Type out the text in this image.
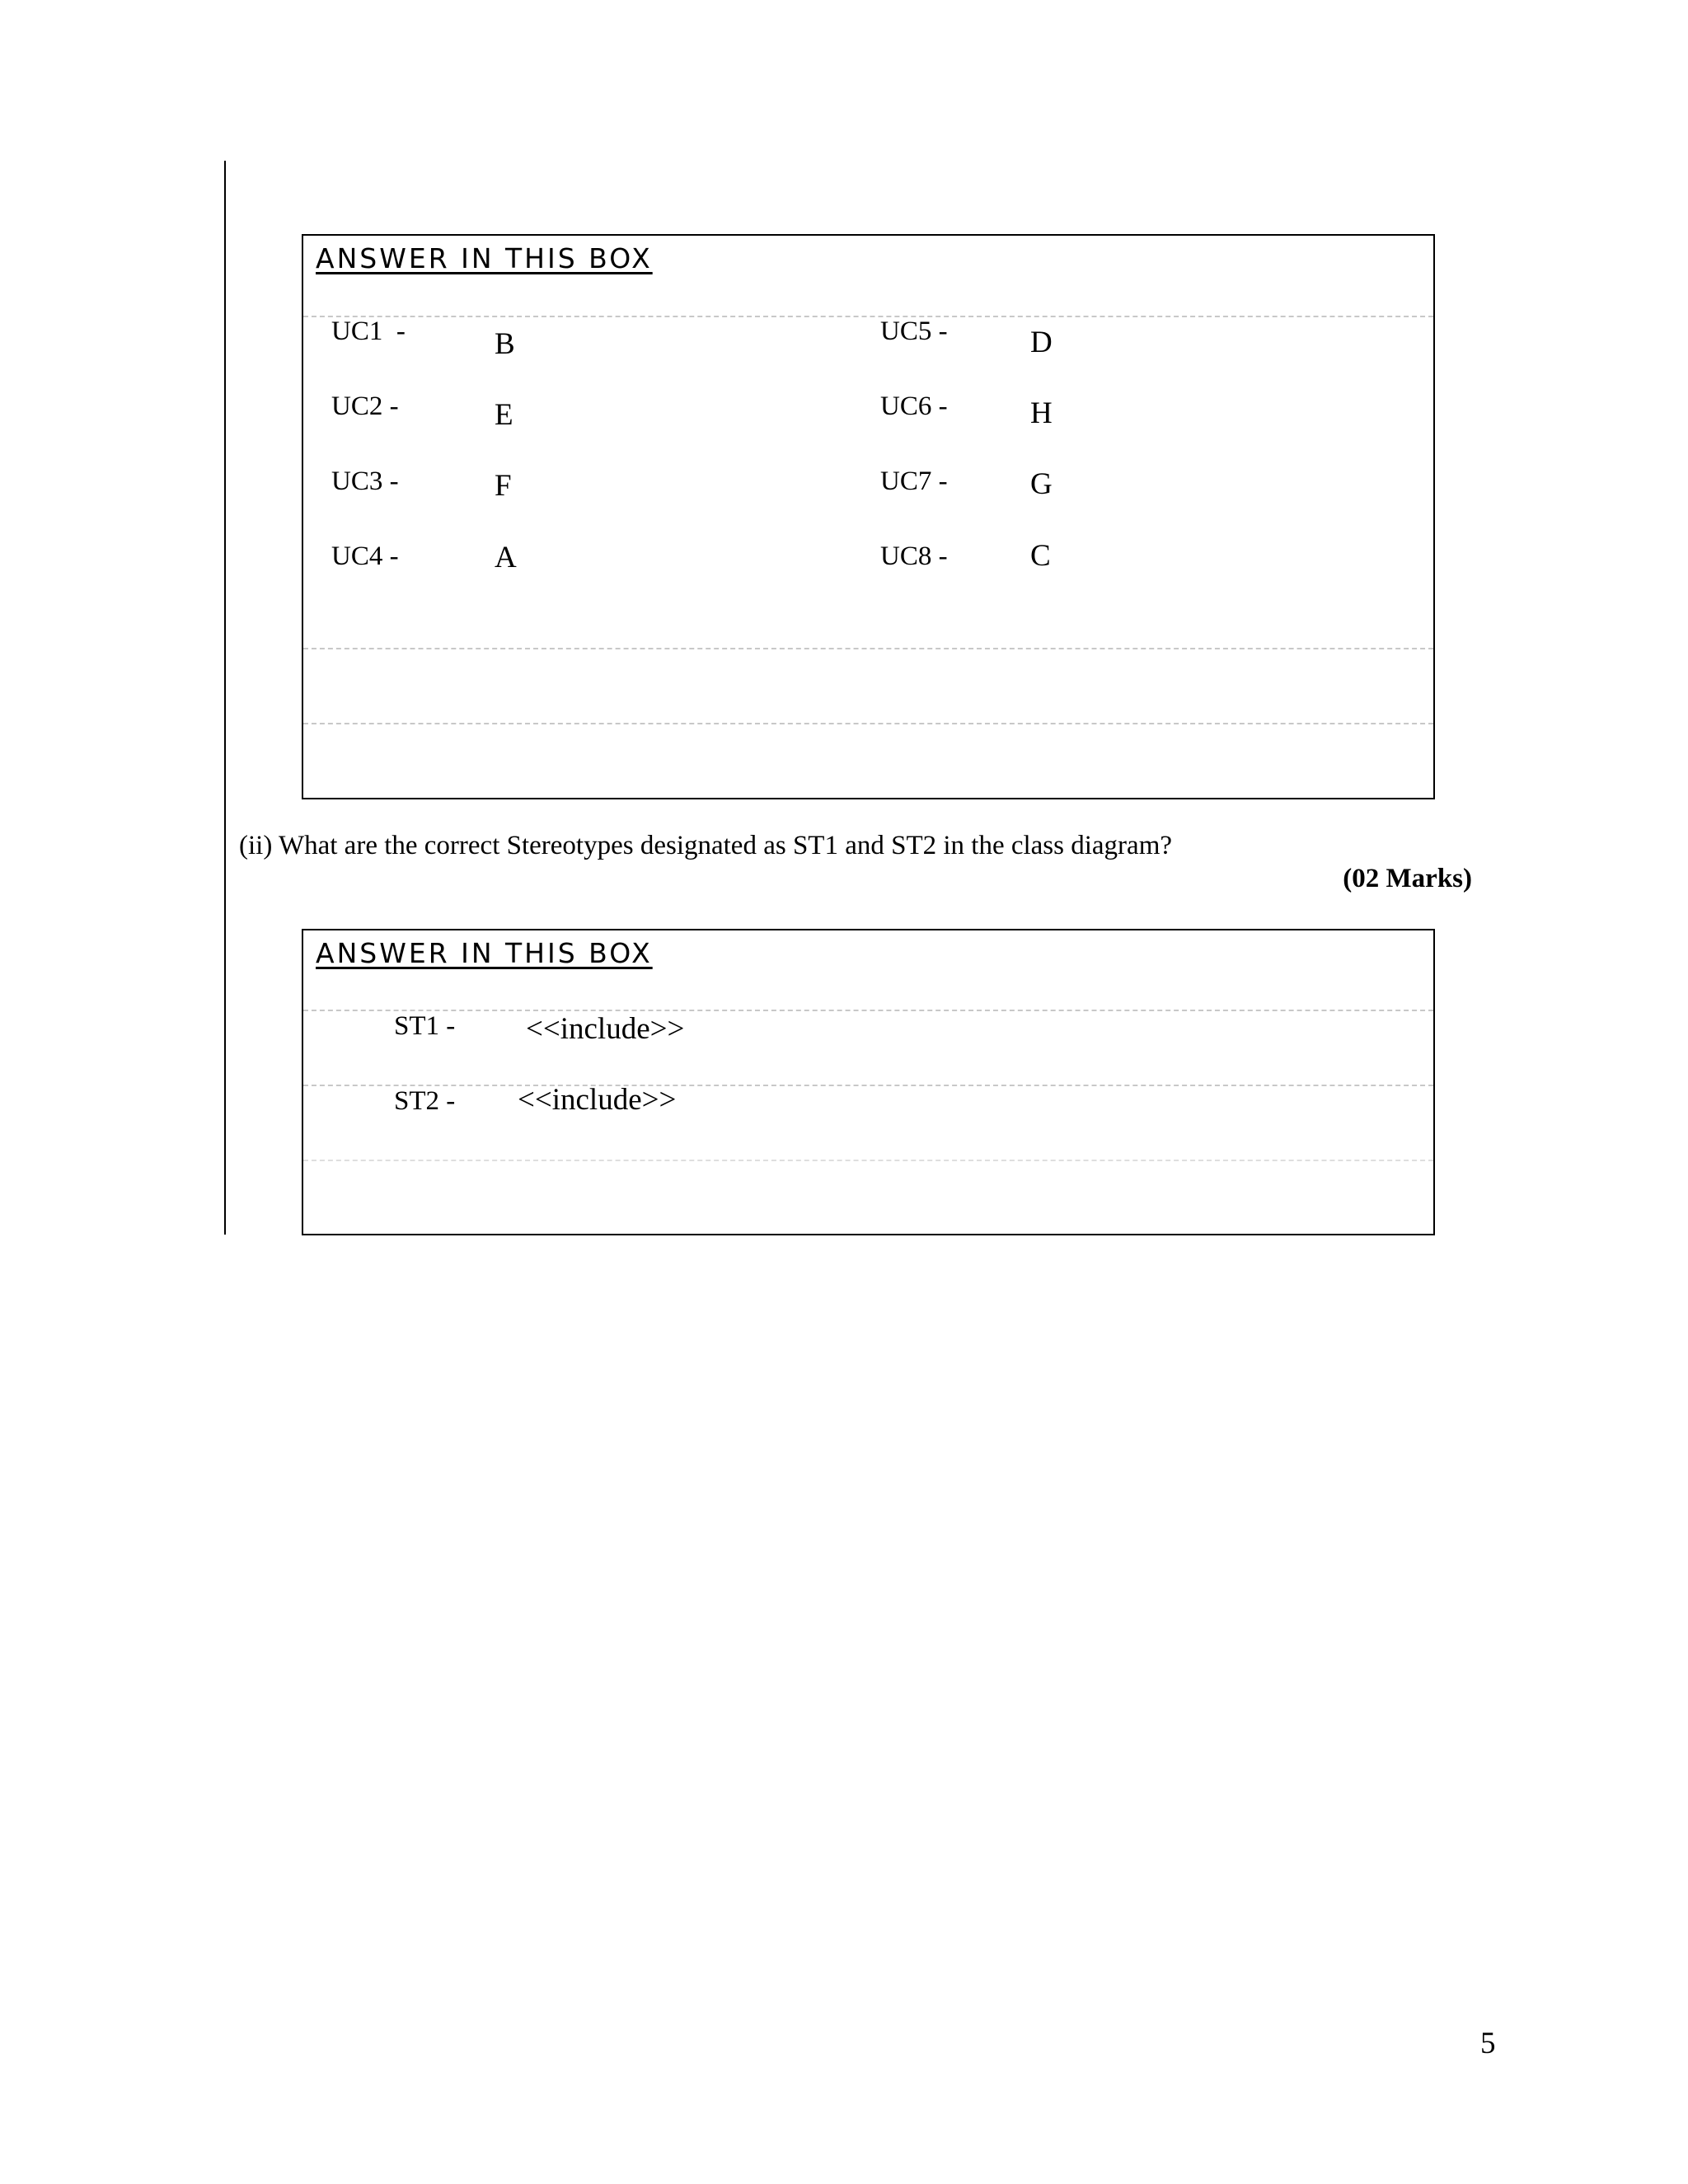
ANSWER IN THIS BOX
UC1  -	B
UC2 -	E
UC3 -	F
UC4 -	A
UC5 -	D
UC6 -	H
UC7 -	G
UC8 -	C
(ii) What are the correct Stereotypes designated as ST1 and ST2 in the class diagram?
(02 Marks)
ANSWER IN THIS BOX
ST1 - <<include>>
ST2 - <<include>>
5
